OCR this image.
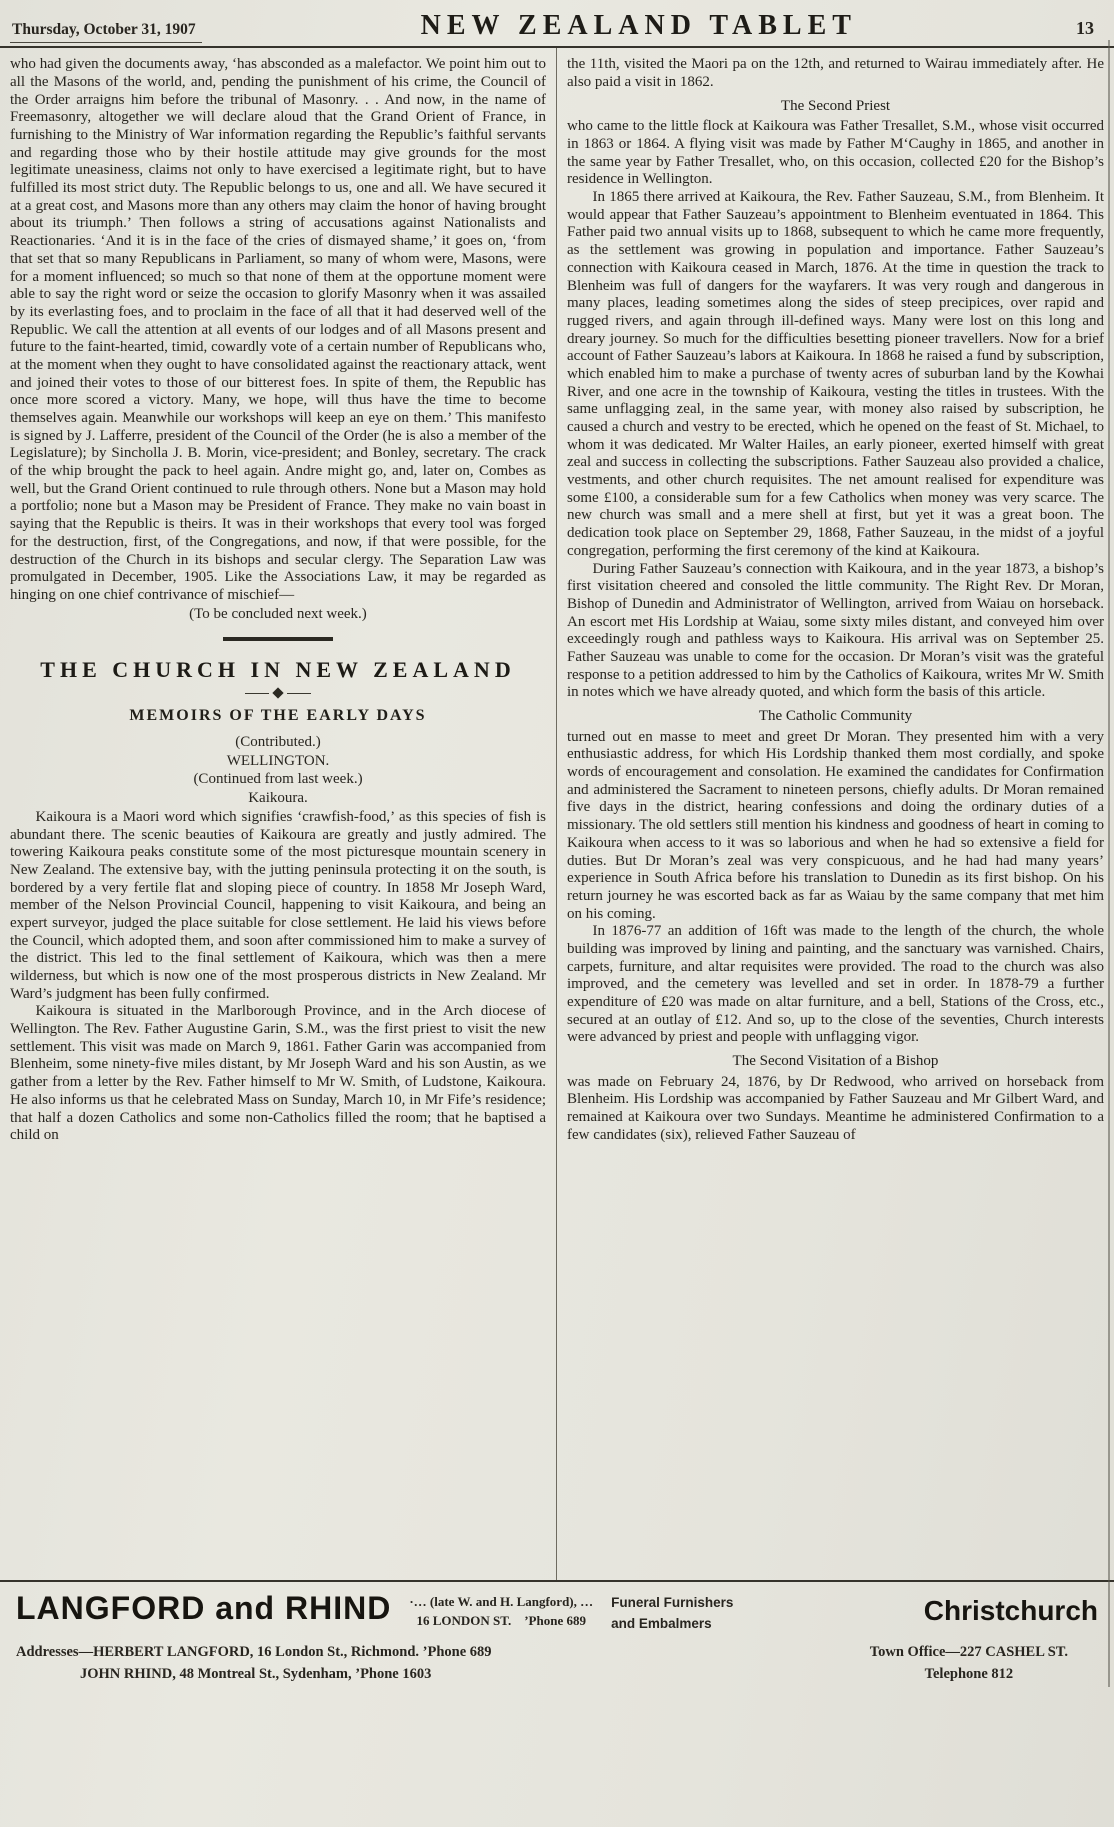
Thursday, October 31, 1907	NEW ZEALAND TABLET	13

who had given the documents away, ‘has absconded as a malefactor. We point him out to all the Masons of the world, and, pending the punishment of his crime, the Council of the Order arraigns him before the tribunal of Masonry. . . And now, in the name of Freemasonry, altogether we will declare aloud that the Grand Orient of France, in furnishing to the Ministry of War information regarding the Republic’s faithful servants and regarding those who by their hostile attitude may give grounds for the most legitimate uneasiness, claims not only to have exercised a legitimate right, but to have fulfilled its most strict duty. The Republic belongs to us, one and all. We have secured it at a great cost, and Masons more than any others may claim the honor of having brought about its triumph.’ Then follows a string of accusations against Nationalists and Reactionaries. ‘And it is in the face of the cries of dismayed shame,’ it goes on, ‘from that set that so many Republicans in Parliament, so many of whom were, Masons, were for a moment influenced; so much so that none of them at the opportune moment were able to say the right word or seize the occasion to glorify Masonry when it was assailed by its everlasting foes, and to proclaim in the face of all that it had deserved well of the Republic. We call the attention at all events of our lodges and of all Masons present and future to the faint-hearted, timid, cowardly vote of a certain number of Republicans who, at the moment when they ought to have consolidated against the reactionary attack, went and joined their votes to those of our bitterest foes. In spite of them, the Republic has once more scored a victory. Many, we hope, will thus have the time to become themselves again. Meanwhile our workshops will keep an eye on them.’ This manifesto is signed by J. Lafferre, president of the Council of the Order (he is also a member of the Legislature); by Sincholla J. B. Morin, vice-president; and Bonley, secretary. The crack of the whip brought the pack to heel again. Andre might go, and, later on, Combes as well, but the Grand Orient continued to rule through others. None but a Mason may hold a portfolio; none but a Mason may be President of France. They make no vain boast in saying that the Republic is theirs. It was in their workshops that every tool was forged for the destruction, first, of the Congregations, and now, if that were possible, for the destruction of the Church in its bishops and secular clergy. The Separation Law was promulgated in December, 1905. Like the Associations Law, it may be regarded as hinging on one chief contrivance of mischief—

(To be concluded next week.)

THE CHURCH IN NEW ZEALAND

MEMOIRS OF THE EARLY DAYS

(Contributed.)

WELLINGTON.

(Continued from last week.)

Kaikoura.

Kaikoura is a Maori word which signifies ‘crawfish-food,’ as this species of fish is abundant there. The scenic beauties of Kaikoura are greatly and justly admired. The towering Kaikoura peaks constitute some of the most picturesque mountain scenery in New Zealand. The extensive bay, with the jutting peninsula protecting it on the south, is bordered by a very fertile flat and sloping piece of country. In 1858 Mr Joseph Ward, member of the Nelson Provincial Council, happening to visit Kaikoura, and being an expert surveyor, judged the place suitable for close settlement. He laid his views before the Council, which adopted them, and soon after commissioned him to make a survey of the district. This led to the final settlement of Kaikoura, which was then a mere wilderness, but which is now one of the most prosperous districts in New Zealand. Mr Ward’s judgment has been fully confirmed.

Kaikoura is situated in the Marlborough Province, and in the Arch diocese of Wellington. The Rev. Father Augustine Garin, S.M., was the first priest to visit the new settlement. This visit was made on March 9, 1861. Father Garin was accompanied from Blenheim, some ninety-five miles distant, by Mr Joseph Ward and his son Austin, as we gather from a letter by the Rev. Father himself to Mr W. Smith, of Ludstone, Kaikoura. He also informs us that he celebrated Mass on Sunday, March 10, in Mr Fife’s residence; that half a dozen Catholics and some non-Catholics filled the room; that he baptised a child on

the 11th, visited the Maori pa on the 12th, and returned to Wairau immediately after. He also paid a visit in 1862.

The Second Priest

who came to the little flock at Kaikoura was Father Tresallet, S.M., whose visit occurred in 1863 or 1864. A flying visit was made by Father M‘Caughy in 1865, and another in the same year by Father Tresallet, who, on this occasion, collected £20 for the Bishop’s residence in Wellington.

In 1865 there arrived at Kaikoura, the Rev. Father Sauzeau, S.M., from Blenheim. It would appear that Father Sauzeau’s appointment to Blenheim eventuated in 1864. This Father paid two annual visits up to 1868, subsequent to which he came more frequently, as the settlement was growing in population and importance. Father Sauzeau’s connection with Kaikoura ceased in March, 1876. At the time in question the track to Blenheim was full of dangers for the wayfarers. It was very rough and dangerous in many places, leading sometimes along the sides of steep precipices, over rapid and rugged rivers, and again through ill-defined ways. Many were lost on this long and dreary journey. So much for the difficulties besetting pioneer travellers. Now for a brief account of Father Sauzeau’s labors at Kaikoura. In 1868 he raised a fund by subscription, which enabled him to make a purchase of twenty acres of suburban land by the Kowhai River, and one acre in the township of Kaikoura, vesting the titles in trustees. With the same unflagging zeal, in the same year, with money also raised by subscription, he caused a church and vestry to be erected, which he opened on the feast of St. Michael, to whom it was dedicated. Mr Walter Hailes, an early pioneer, exerted himself with great zeal and success in collecting the subscriptions. Father Sauzeau also provided a chalice, vestments, and other church requisites. The net amount realised for expenditure was some £100, a considerable sum for a few Catholics when money was very scarce. The new church was small and a mere shell at first, but yet it was a great boon. The dedication took place on September 29, 1868, Father Sauzeau, in the midst of a joyful congregation, performing the first ceremony of the kind at Kaikoura.

During Father Sauzeau’s connection with Kaikoura, and in the year 1873, a bishop’s first visitation cheered and consoled the little community. The Right Rev. Dr Moran, Bishop of Dunedin and Administrator of Wellington, arrived from Waiau on horseback. An escort met His Lordship at Waiau, some sixty miles distant, and conveyed him over exceedingly rough and pathless ways to Kaikoura. His arrival was on September 25. Father Sauzeau was unable to come for the occasion. Dr Moran’s visit was the grateful response to a petition addressed to him by the Catholics of Kaikoura, writes Mr W. Smith in notes which we have already quoted, and which form the basis of this article.

The Catholic Community

turned out en masse to meet and greet Dr Moran. They presented him with a very enthusiastic address, for which His Lordship thanked them most cordially, and spoke words of encouragement and consolation. He examined the candidates for Confirmation and administered the Sacrament to nineteen persons, chiefly adults. Dr Moran remained five days in the district, hearing confessions and doing the ordinary duties of a missionary. The old settlers still mention his kindness and goodness of heart in coming to Kaikoura when access to it was so laborious and when he had so extensive a field for duties. But Dr Moran’s zeal was very conspicuous, and he had had many years’ experience in South Africa before his translation to Dunedin as its first bishop. On his return journey he was escorted back as far as Waiau by the same company that met him on his coming.

In 1876-77 an addition of 16ft was made to the length of the church, the whole building was improved by lining and painting, and the sanctuary was varnished. Chairs, carpets, furniture, and altar requisites were provided. The road to the church was also improved, and the cemetery was levelled and set in order. In 1878-79 a further expenditure of £20 was made on altar furniture, and a bell, Stations of the Cross, etc., secured at an outlay of £12. And so, up to the close of the seventies, Church interests were advanced by priest and people with unflagging vigor.

The Second Visitation of a Bishop

was made on February 24, 1876, by Dr Redwood, who arrived on horseback from Blenheim. His Lordship was accompanied by Father Sauzeau and Mr Gilbert Ward, and remained at Kaikoura over two Sundays. Meantime he administered Confirmation to a few candidates (six), relieved Father Sauzeau of

LANGFORD and RHIND ·… (late W. and H. Langford), …
16 LONDON ST. ’Phone 689
Funeral Furnishers
and Embalmers	Christchurch
Addresses—HERBERT LANGFORD, 16 London St., Richmond. ’Phone 689
JOHN RHIND, 48 Montreal St., Sydenham, ’Phone 1603
Town Office—227 CASHEL ST.
Telephone 812
